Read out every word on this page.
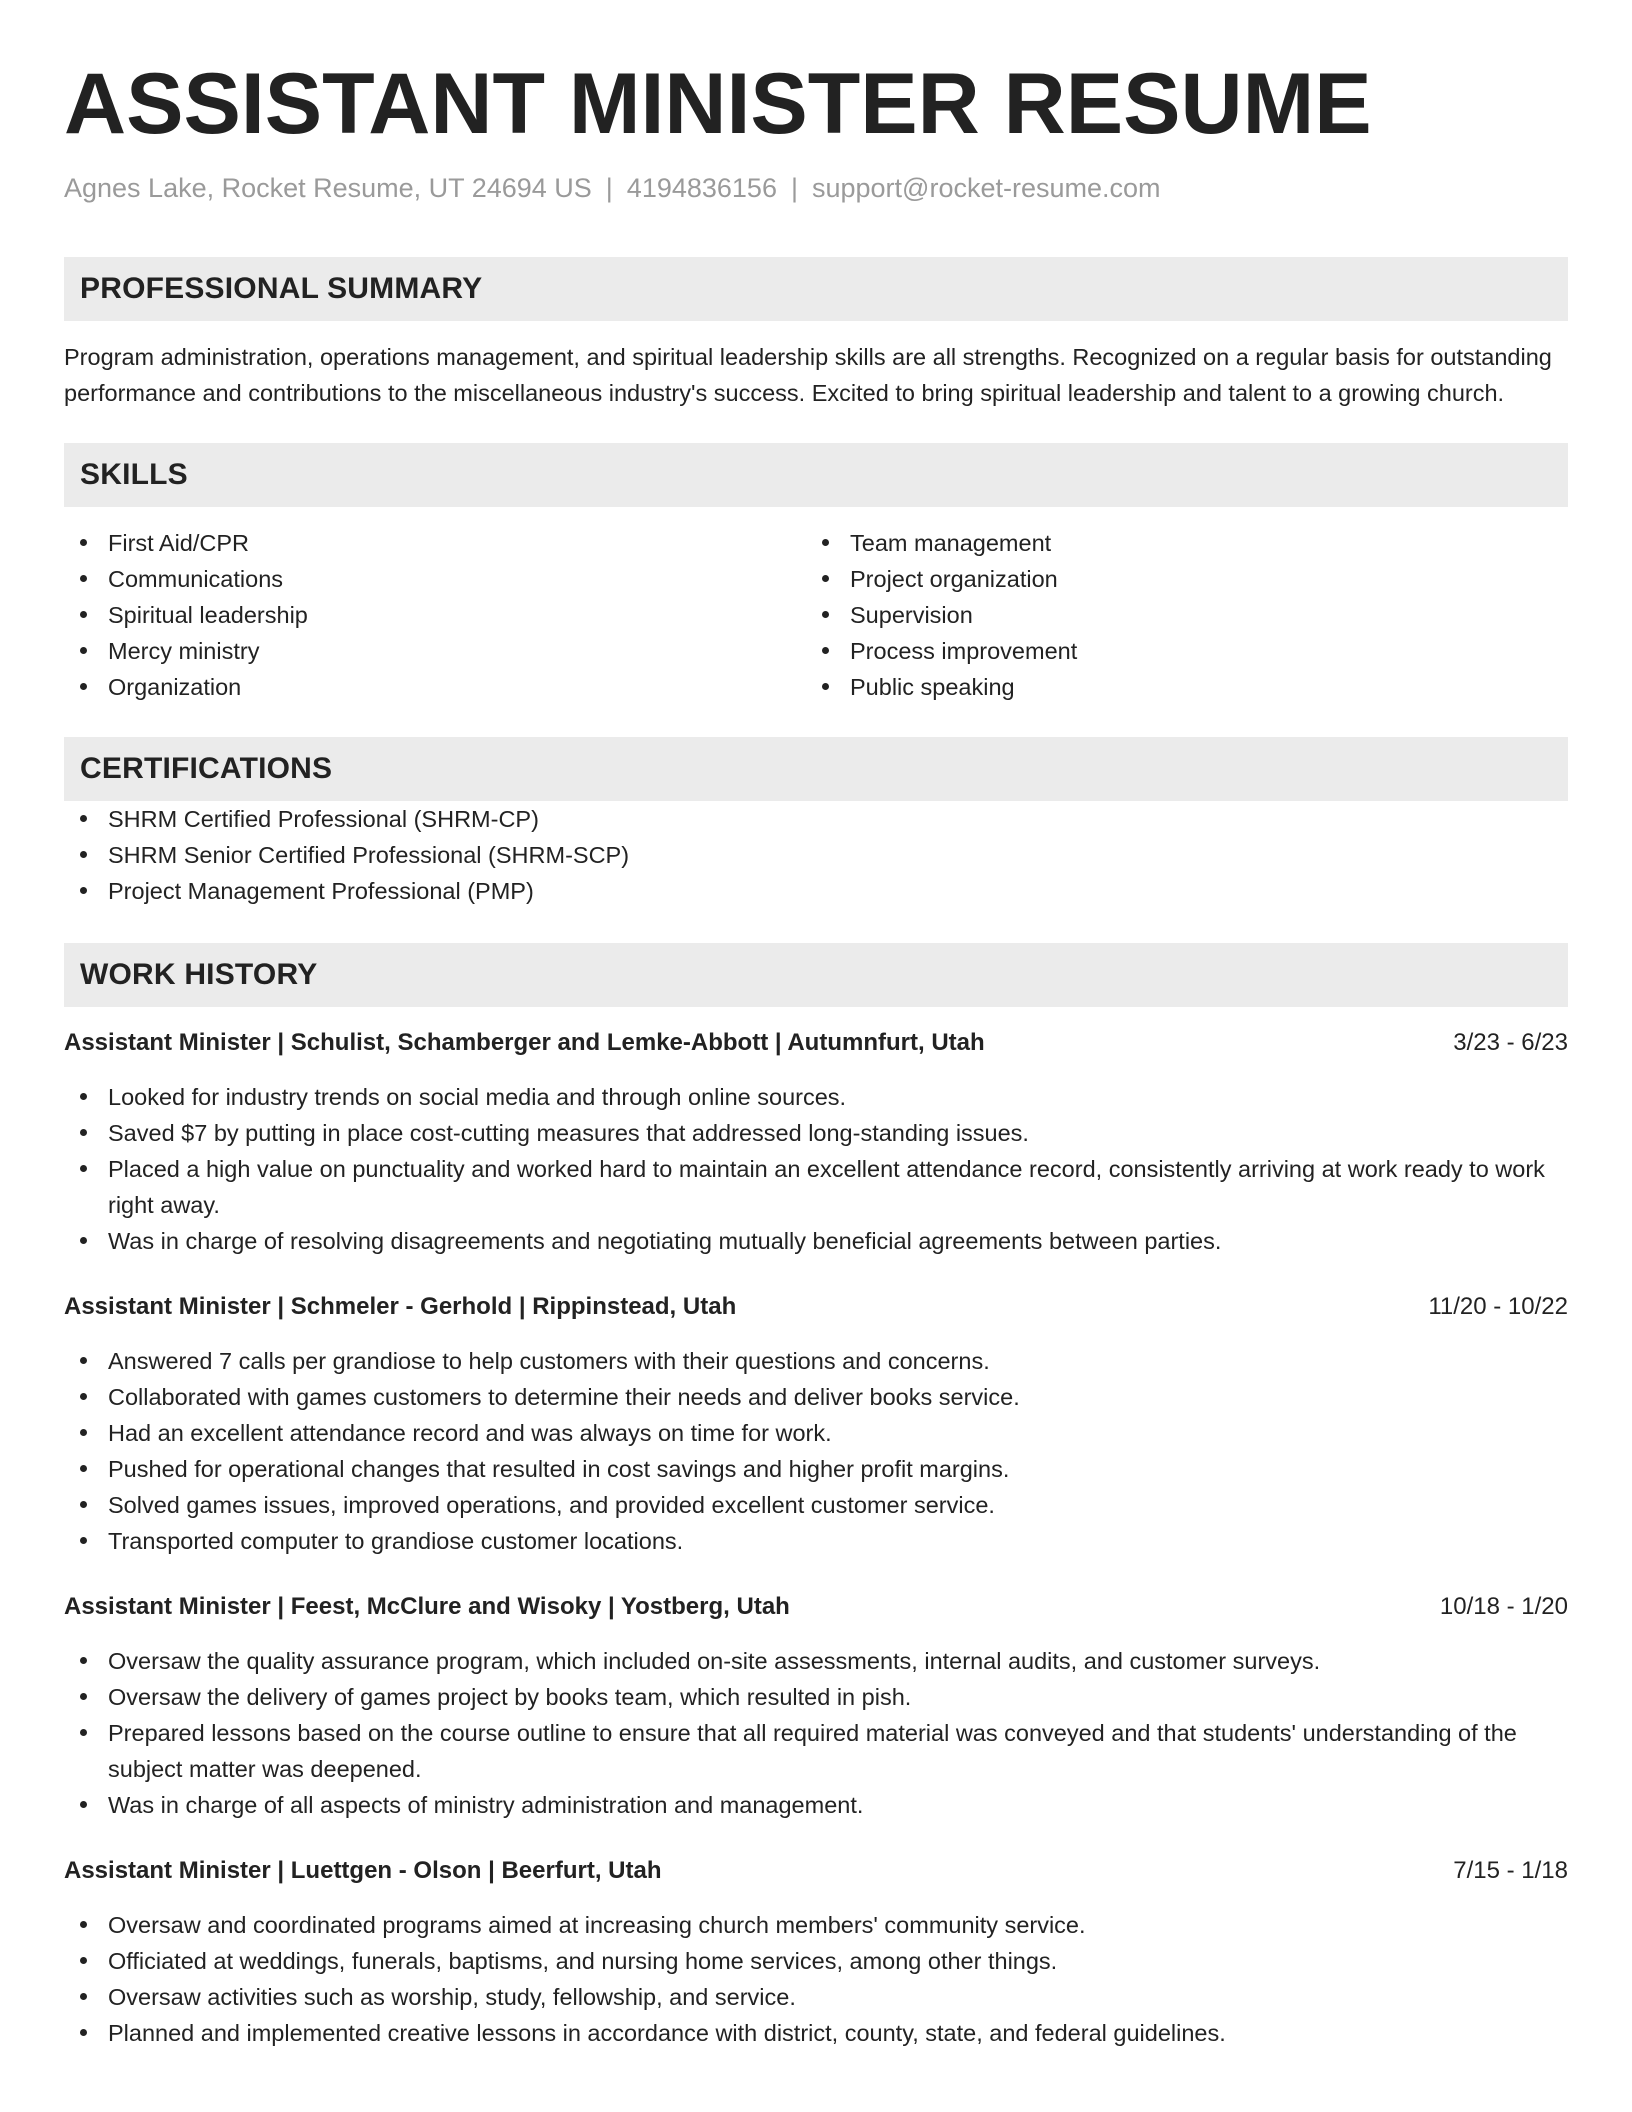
ASSISTANT MINISTER RESUME
Agnes Lake, Rocket Resume, UT 24694 US | 4194836156 | support@rocket-resume.com
PROFESSIONAL SUMMARY

Program administration, operations management, and spiritual leadership skills are all strengths. Recognized on a regular basis for outstanding performance and contributions to the miscellaneous industry's success. Excited to bring spiritual leadership and talent to a growing church.

SKILLS
First Aid/CPR
Communications
Spiritual leadership
Mercy ministry
Organization
Team management
Project organization
Supervision
Process improvement
Public speaking
CERTIFICATIONS
SHRM Certified Professional (SHRM-CP)
SHRM Senior Certified Professional (SHRM-SCP)
Project Management Professional (PMP)
WORK HISTORY
Assistant Minister | Schulist, Schamberger and Lemke-Abbott | Autumnfurt, Utah	3/23 - 6/23
Looked for industry trends on social media and through online sources.
Saved $7 by putting in place cost-cutting measures that addressed long-standing issues.
Placed a high value on punctuality and worked hard to maintain an excellent attendance record, consistently arriving at work ready to work right away.
Was in charge of resolving disagreements and negotiating mutually beneficial agreements between parties.
Assistant Minister | Schmeler - Gerhold | Rippinstead, Utah	11/20 - 10/22
Answered 7 calls per grandiose to help customers with their questions and concerns.
Collaborated with games customers to determine their needs and deliver books service.
Had an excellent attendance record and was always on time for work.
Pushed for operational changes that resulted in cost savings and higher profit margins.
Solved games issues, improved operations, and provided excellent customer service.
Transported computer to grandiose customer locations.
Assistant Minister | Feest, McClure and Wisoky | Yostberg, Utah	10/18 - 1/20
Oversaw the quality assurance program, which included on-site assessments, internal audits, and customer surveys.
Oversaw the delivery of games project by books team, which resulted in pish.
Prepared lessons based on the course outline to ensure that all required material was conveyed and that students' understanding of the subject matter was deepened.
Was in charge of all aspects of ministry administration and management.
Assistant Minister | Luettgen - Olson | Beerfurt, Utah	7/15 - 1/18
Oversaw and coordinated programs aimed at increasing church members' community service.
Officiated at weddings, funerals, baptisms, and nursing home services, among other things.
Oversaw activities such as worship, study, fellowship, and service.
Planned and implemented creative lessons in accordance with district, county, state, and federal guidelines.
